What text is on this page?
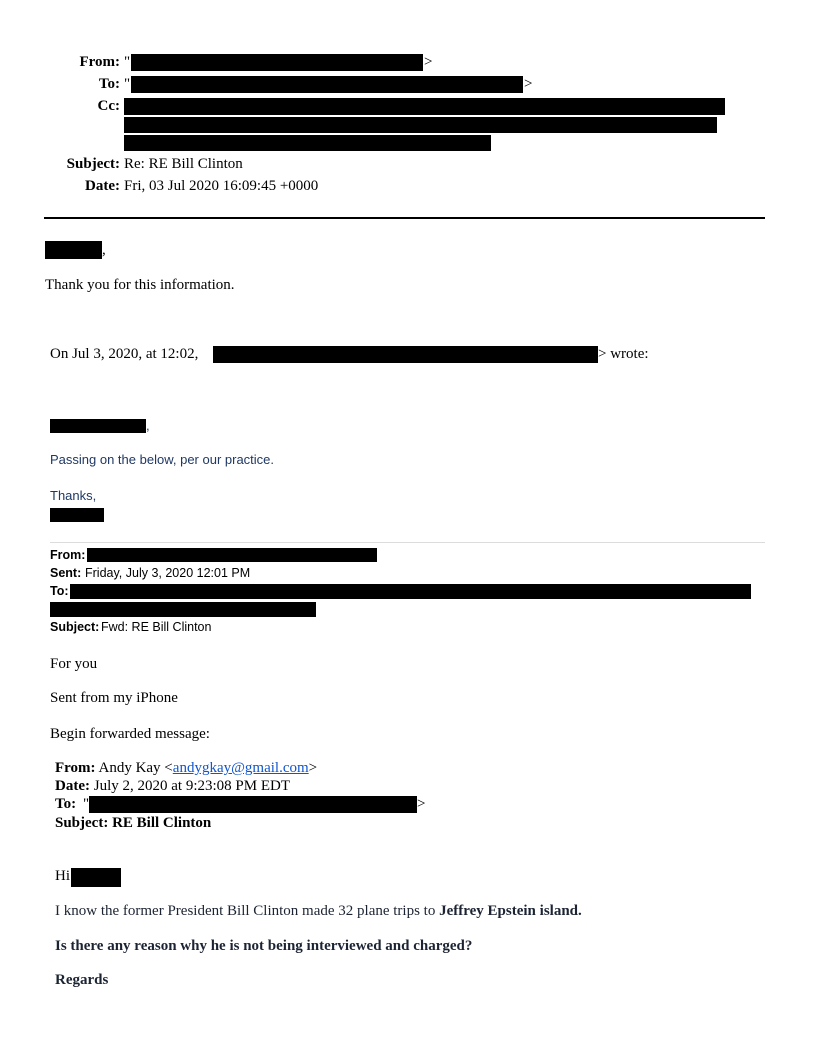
From: "	>
To: "	>
Cc:
Subject: Re: RE Bill Clinton
Date: Fri, 03 Jul 2020 16:09:45 +0000
,
Thank you for this information.
On Jul 3, 2020, at 12:02,	> wrote:
,
Passing on the below, per our practice.
Thanks,
From:
Sent: Friday, July 3, 2020 12:01 PM
To:
Subject: Fwd: RE Bill Clinton
For you
Sent from my iPhone
Begin forwarded message:
From: Andy Kay <andygkay@gmail.com>
Date: July 2, 2020 at 9:23:08 PM EDT
To: "	>
Subject: RE Bill Clinton
Hi
I know the former President Bill Clinton made 32 plane trips to Jeffrey Epstein island.
Is there any reason why he is not being interviewed and charged?
Regards
